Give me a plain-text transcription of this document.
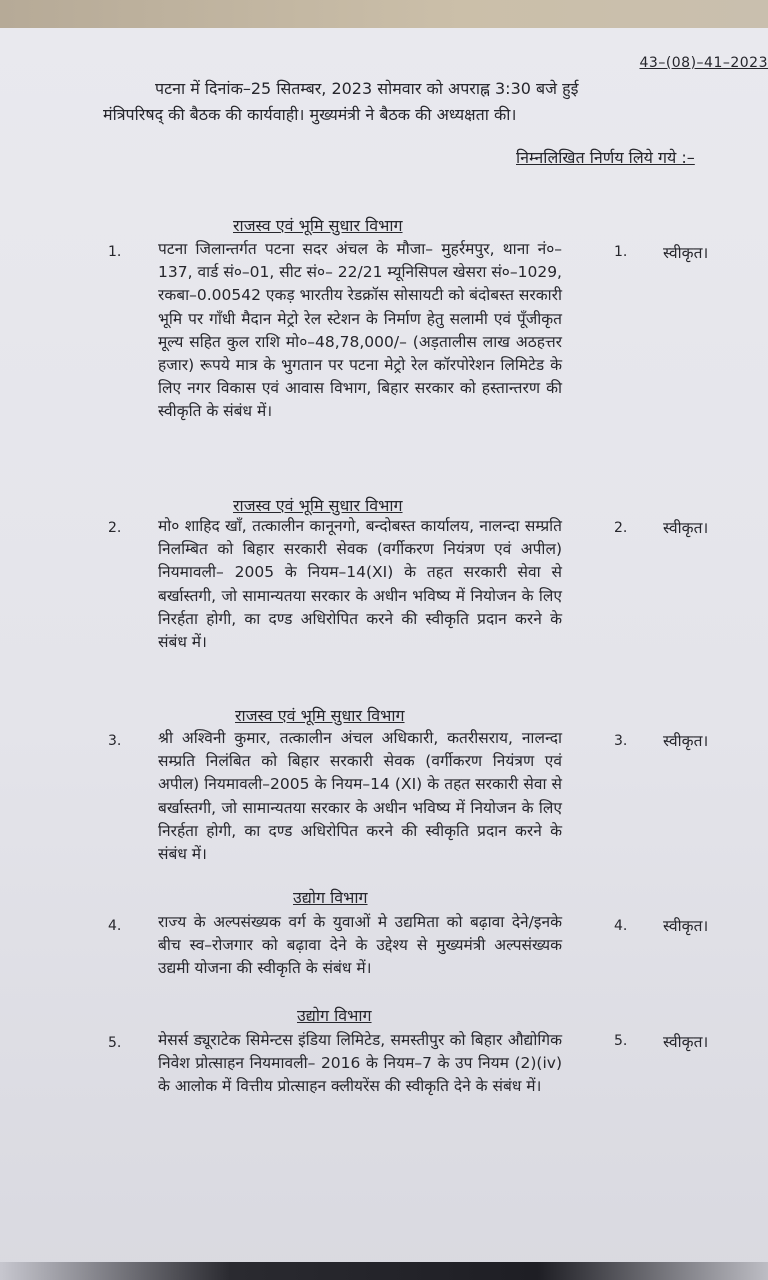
43–(08)–41–2023
पटना में दिनांक–25 सितम्बर, 2023 सोमवार को अपराह्न 3:30 बजे हुई
मंत्रिपरिषद् की बैठक की कार्यवाही। मुख्यमंत्री ने बैठक की अध्यक्षता की।
निम्नलिखित निर्णय लिये गये :–
राजस्व एवं भूमि सुधार विभाग
1. पटना जिलान्तर्गत पटना सदर अंचल के मौजा– मुहर्रमपुर, थाना नं०–137, वार्ड सं०–01, सीट सं०– 22/21 म्यूनिसिपल खेसरा सं०–1029, रकबा–0.00542 एकड़ भारतीय रेडक्रॉस सोसायटी को बंदोबस्त सरकारी भूमि पर गाँधी मैदान मेट्रो रेल स्टेशन के निर्माण हेतु सलामी एवं पूँजीकृत मूल्य सहित कुल राशि मो०–48,78,000/– (अड़तालीस लाख अठहत्तर हजार) रूपये मात्र के भुगतान पर पटना मेट्रो रेल कॉरपोरेशन लिमिटेड के लिए नगर विकास एवं आवास विभाग, बिहार सरकार को हस्तान्तरण की स्वीकृति के संबंध में।
1. स्वीकृत।
राजस्व एवं भूमि सुधार विभाग
2. मो० शाहिद खाँ, तत्कालीन कानूनगो, बन्दोबस्त कार्यालय, नालन्दा सम्प्रति निलम्बित को बिहार सरकारी सेवक (वर्गीकरण नियंत्रण एवं अपील) नियमावली– 2005 के नियम–14(XI) के तहत सरकारी सेवा से बर्खास्तगी, जो सामान्यतया सरकार के अधीन भविष्य में नियोजन के लिए निरर्हता होगी, का दण्ड अधिरोपित करने की स्वीकृति प्रदान करने के संबंध में।
2. स्वीकृत।
राजस्व एवं भूमि सुधार विभाग
3. श्री अश्विनी कुमार, तत्कालीन अंचल अधिकारी, कतरीसराय, नालन्दा सम्प्रति निलंबित को बिहार सरकारी सेवक (वर्गीकरण नियंत्रण एवं अपील) नियमावली–2005 के नियम–14 (XI) के तहत सरकारी सेवा से बर्खास्तगी, जो सामान्यतया सरकार के अधीन भविष्य में नियोजन के लिए निरर्हता होगी, का दण्ड अधिरोपित करने की स्वीकृति प्रदान करने के संबंध में।
3. स्वीकृत।
उद्योग विभाग
4. राज्य के अल्पसंख्यक वर्ग के युवाओं मे उद्यमिता को बढ़ावा देने/इनके बीच स्व–रोजगार को बढ़ावा देने के उद्देश्य से मुख्यमंत्री अल्पसंख्यक उद्यमी योजना की स्वीकृति के संबंध में।
4. स्वीकृत।
उद्योग विभाग
5. मेसर्स ड्यूराटेक सिमेन्टस इंडिया लिमिटेड, समस्तीपुर को बिहार औद्योगिक निवेश प्रोत्साहन नियमावली– 2016 के नियम–7 के उप नियम (2)(iv) के आलोक में वित्तीय प्रोत्साहन क्लीयरेंस की स्वीकृति देने के संबंध में।
5. स्वीकृत।
